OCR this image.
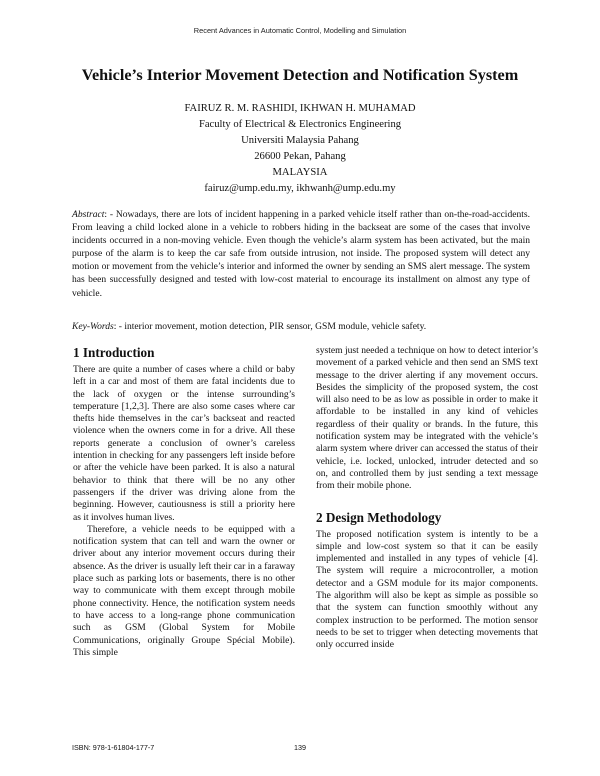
Recent Advances in Automatic Control, Modelling and Simulation
Vehicle’s Interior Movement Detection and Notification System
FAIRUZ R. M. RASHIDI, IKHWAN H. MUHAMAD
Faculty of Electrical & Electronics Engineering
Universiti Malaysia Pahang
26600 Pekan, Pahang
MALAYSIA
fairuz@ump.edu.my, ikhwanh@ump.edu.my
Abstract: - Nowadays, there are lots of incident happening in a parked vehicle itself rather than on-the-road-accidents. From leaving a child locked alone in a vehicle to robbers hiding in the backseat are some of the cases that involve incidents occurred in a non-moving vehicle. Even though the vehicle’s alarm system has been activated, but the main purpose of the alarm is to keep the car safe from outside intrusion, not inside. The proposed system will detect any motion or movement from the vehicle’s interior and informed the owner by sending an SMS alert message. The system has been successfully designed and tested with low-cost material to encourage its installment on almost any type of vehicle.
Key-Words: - interior movement, motion detection, PIR sensor, GSM module, vehicle safety.
1 Introduction

There are quite a number of cases where a child or baby left in a car and most of them are fatal incidents due to the lack of oxygen or the intense surrounding’s temperature [1,2,3]. There are also some cases where car thefts hide themselves in the car’s backseat and reacted violence when the owners come in for a drive. All these reports generate a conclusion of owner’s careless intention in checking for any passengers left inside before or after the vehicle have been parked. It is also a natural behavior to think that there will be no any other passengers if the driver was driving alone from the beginning. However, cautiousness is still a priority here as it involves human lives.

Therefore, a vehicle needs to be equipped with a notification system that can tell and warn the owner or driver about any interior movement occurs during their absence. As the driver is usually left their car in a faraway place such as parking lots or basements, there is no other way to communicate with them except through mobile phone connectivity. Hence, the notification system needs to have access to a long-range phone communication such as GSM (Global System for Mobile Communications, originally Groupe Spécial Mobile). This simple

system just needed a technique on how to detect interior’s movement of a parked vehicle and then send an SMS text message to the driver alerting if any movement occurs. Besides the simplicity of the proposed system, the cost will also need to be as low as possible in order to make it affordable to be installed in any kind of vehicles regardless of their quality or brands. In the future, this notification system may be integrated with the vehicle’s alarm system where driver can accessed the status of their vehicle, i.e. locked, unlocked, intruder detected and so on, and controlled them by just sending a text message from their mobile phone.

2 Design Methodology

The proposed notification system is intently to be a simple and low-cost system so that it can be easily implemented and installed in any types of vehicle [4]. The system will require a microcontroller, a motion detector and a GSM module for its major components. The algorithm will also be kept as simple as possible so that the system can function smoothly without any complex instruction to be performed. The motion sensor needs to be set to trigger when detecting movements that only occurred inside

ISBN: 978-1-61804-177-7	139
